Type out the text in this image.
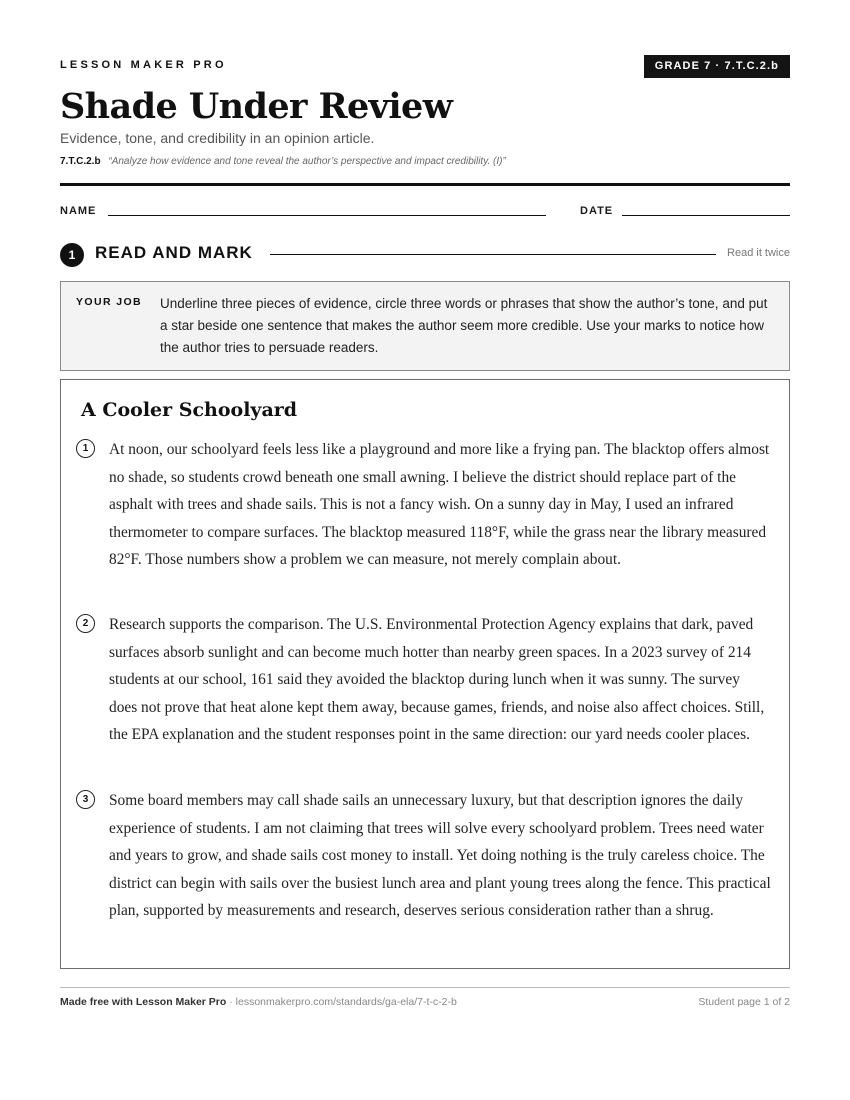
LESSON MAKER PRO	GRADE 7 · 7.T.C.2.b
Shade Under Review
Evidence, tone, and credibility in an opinion article.
7.T.C.2.b “Analyze how evidence and tone reveal the author’s perspective and impact credibility. (I)”
NAME	DATE
1	READ AND MARK	Read it twice
YOUR JOB Underline three pieces of evidence, circle three words or phrases that show the author’s tone, and put a star beside one sentence that makes the author seem more credible. Use your marks to notice how the author tries to persuade readers.
A Cooler Schoolyard
1	At noon, our schoolyard feels less like a playground and more like a frying pan. The blacktop offers almost no shade, so students crowd beneath one small awning. I believe the district should replace part of the asphalt with trees and shade sails. This is not a fancy wish. On a sunny day in May, I used an infrared thermometer to compare surfaces. The blacktop measured 118°F, while the grass near the library measured 82°F. Those numbers show a problem we can measure, not merely complain about.

2	Research supports the comparison. The U.S. Environmental Protection Agency explains that dark, paved surfaces absorb sunlight and can become much hotter than nearby green spaces. In a 2023 survey of 214 students at our school, 161 said they avoided the blacktop during lunch when it was sunny. The survey does not prove that heat alone kept them away, because games, friends, and noise also affect choices. Still, the EPA explanation and the student responses point in the same direction: our yard needs cooler places.

3	Some board members may call shade sails an unnecessary luxury, but that description ignores the daily experience of students. I am not claiming that trees will solve every schoolyard problem. Trees need water and years to grow, and shade sails cost money to install. Yet doing nothing is the truly careless choice. The district can begin with sails over the busiest lunch area and plant young trees along the fence. This practical plan, supported by measurements and research, deserves serious consideration rather than a shrug.

Made free with Lesson Maker Pro · lessonmakerpro.com/standards/ga-ela/7-t-c-2-b	Student page 1 of 2
